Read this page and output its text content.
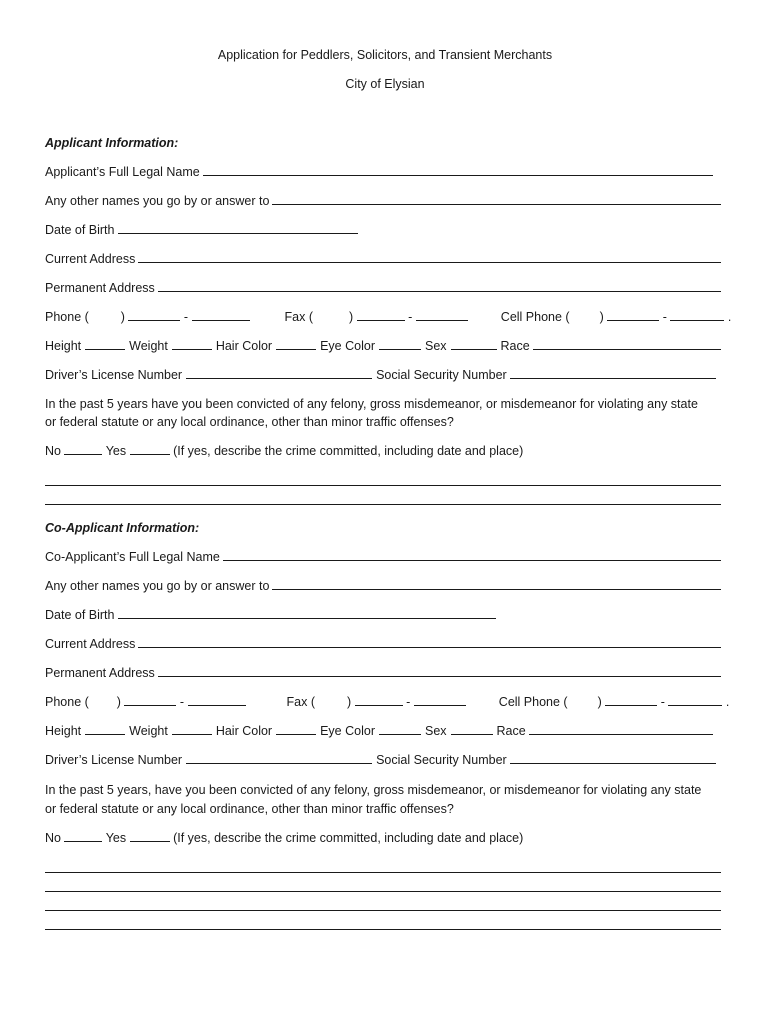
Application for Peddlers, Solicitors, and Transient Merchants
City of Elysian
Applicant Information:
Applicant’s Full Legal Name
Any other names you go by or answer to
Date of Birth
Current Address
Permanent Address
Phone (	)	-	Fax (	)	-	Cell Phone ( )	-	.
Height	Weight	Hair Color	Eye Color	Sex	Race
Driver’s License Number	Social Security Number
In the past 5 years have you been convicted of any felony, gross misdemeanor, or misdemeanor for violating any state
or federal statute or any local ordinance, other than minor traffic offenses?
No	Yes	(If yes, describe the crime committed, including date and place)
Co-Applicant Information:
Co-Applicant’s Full Legal Name
Any other names you go by or answer to
Date of Birth
Current Address
Permanent Address
Phone ( )	-	Fax (	)	-	Cell Phone ( )	-	.
Height	Weight	Hair Color	Eye Color	Sex	Race
Driver’s License Number	Social Security Number
In the past 5 years, have you been convicted of any felony, gross misdemeanor, or misdemeanor for violating any state
or federal statute or any local ordinance, other than minor traffic offenses?
No	Yes	(If yes, describe the crime committed, including date and place)
